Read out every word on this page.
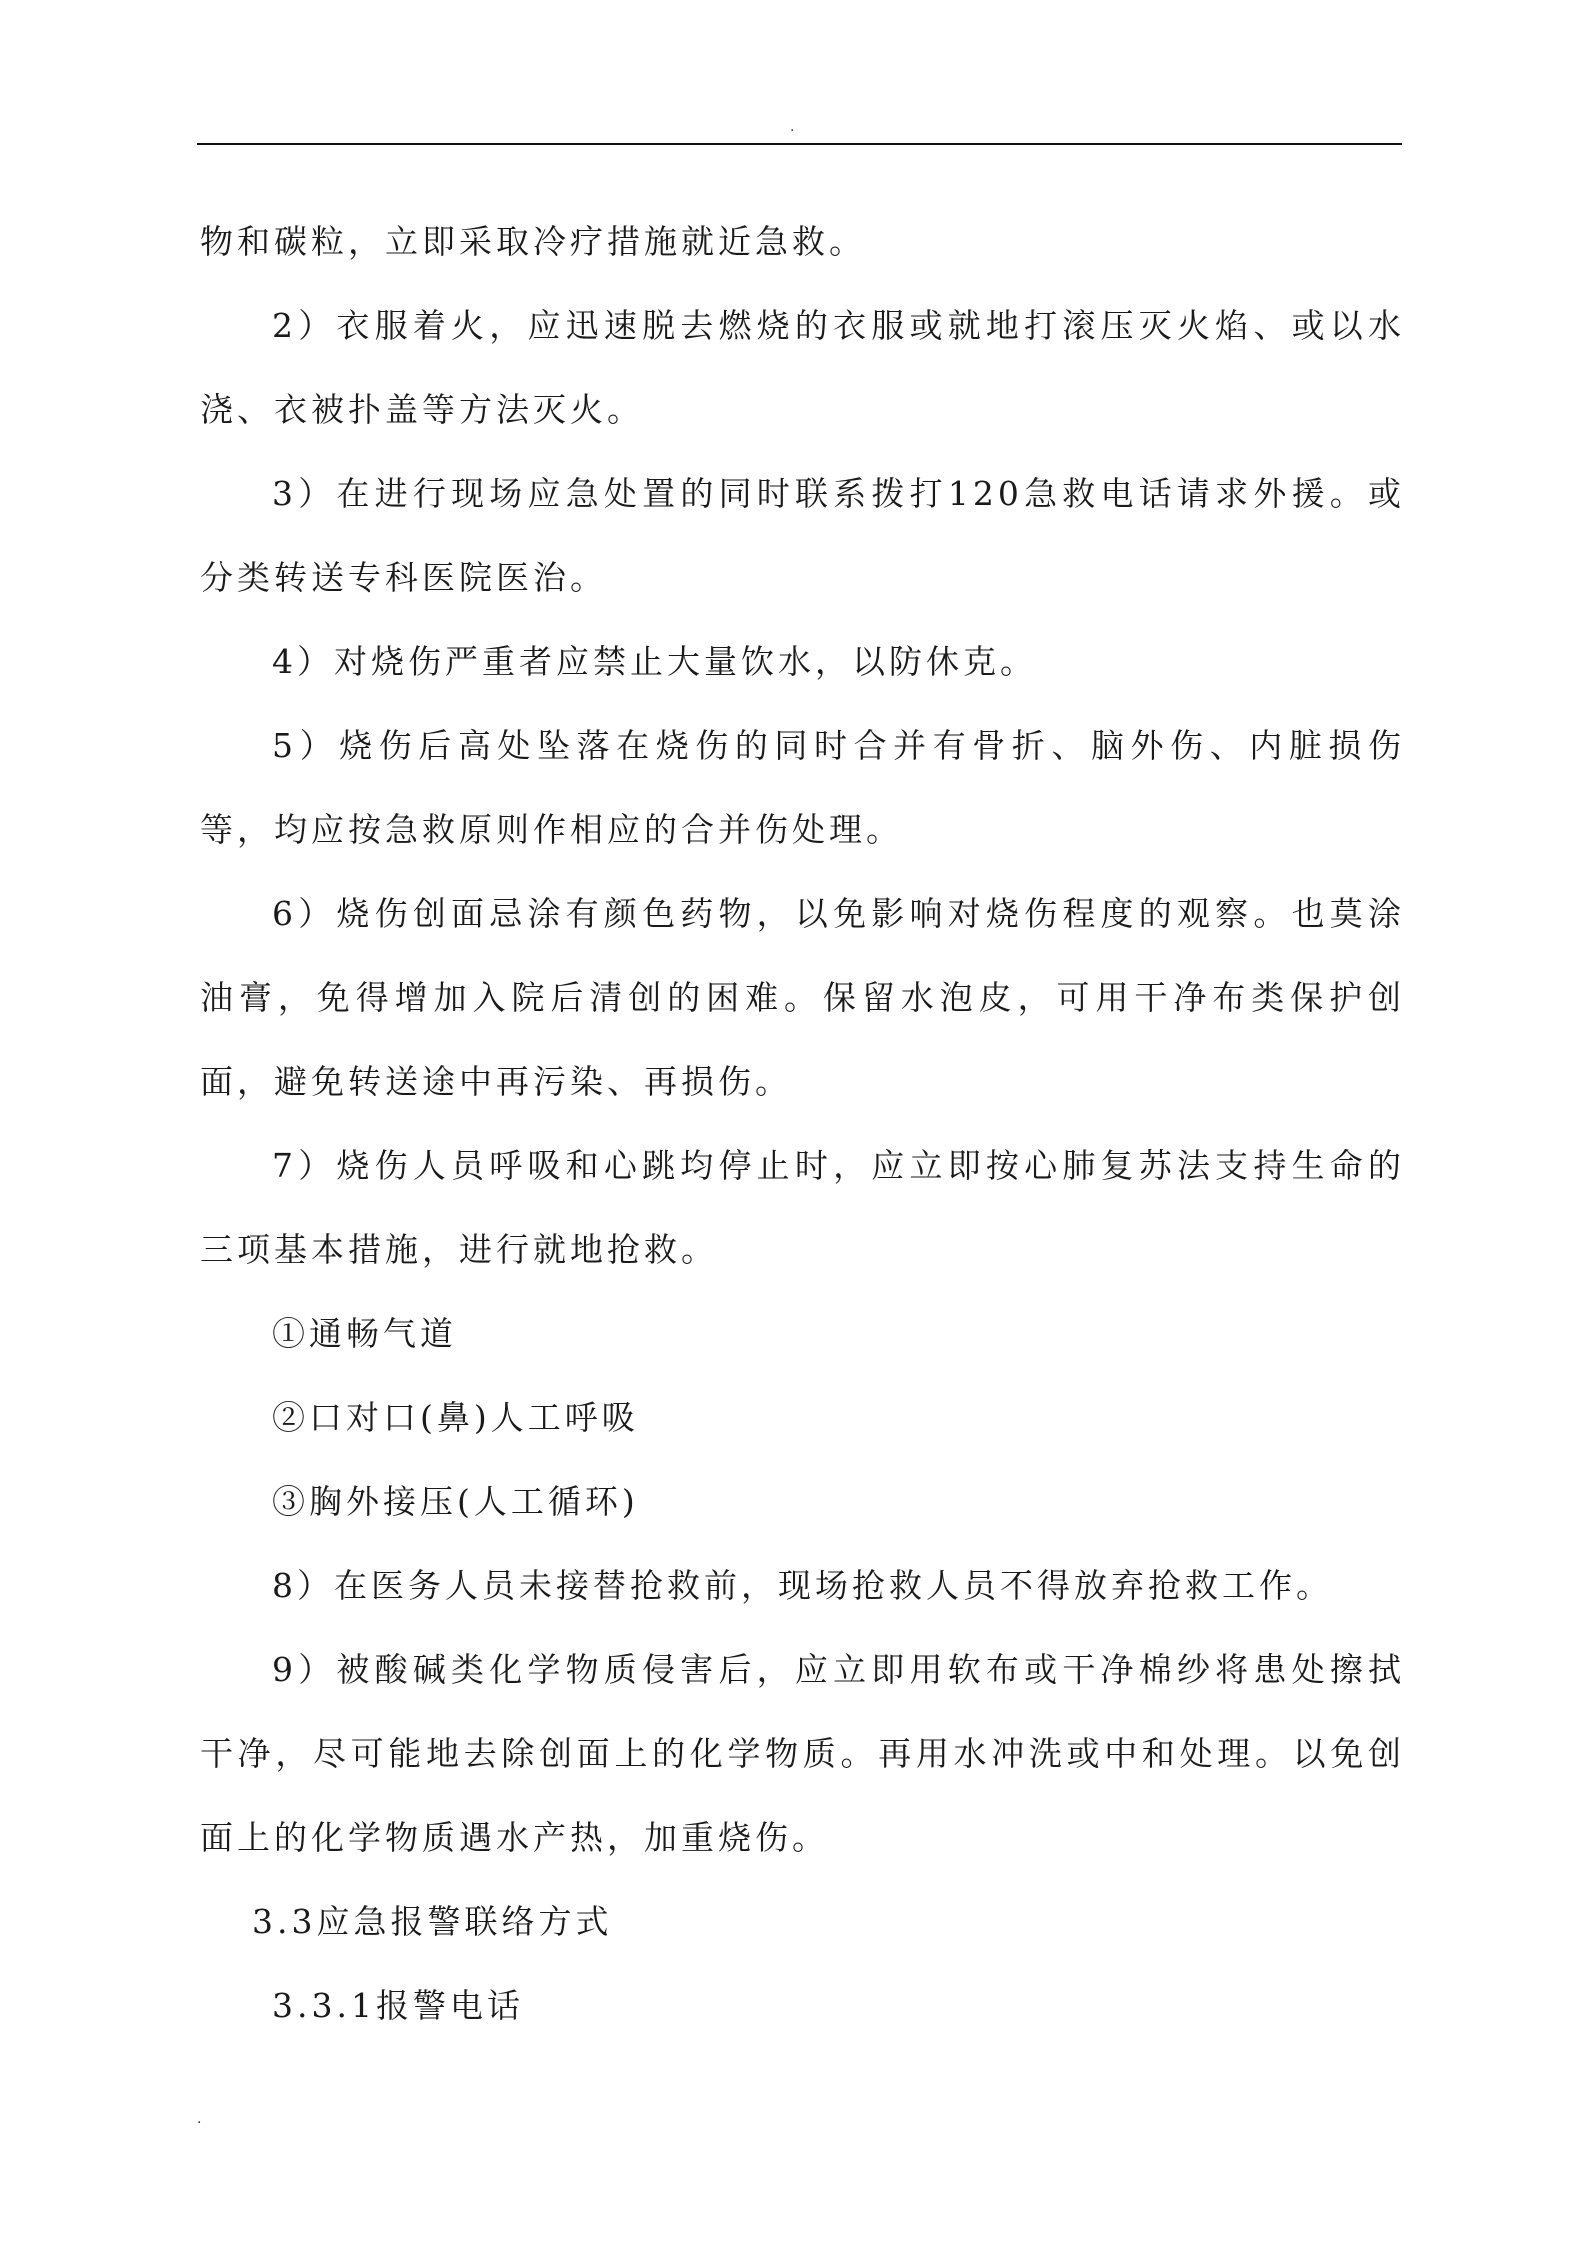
.

物和碳粒，立即采取冷疗措施就近急救。

2）衣服着火，应迅速脱去燃烧的衣服或就地打滚压灭火焰、或以水浇、衣被扑盖等方法灭火。

3）在进行现场应急处置的同时联系拨打120急救电话请求外援。或分类转送专科医院医治。

4）对烧伤严重者应禁止大量饮水，以防休克。

5）烧伤后高处坠落在烧伤的同时合并有骨折、脑外伤、内脏损伤等，均应按急救原则作相应的合并伤处理。

6）烧伤创面忌涂有颜色药物，以免影响对烧伤程度的观察。也莫涂油膏，免得增加入院后清创的困难。保留水泡皮，可用干净布类保护创面，避免转送途中再污染、再损伤。

7）烧伤人员呼吸和心跳均停止时，应立即按心肺复苏法支持生命的三项基本措施，进行就地抢救。

①通畅气道

②口对口(鼻)人工呼吸

③胸外接压(人工循环)

8）在医务人员未接替抢救前，现场抢救人员不得放弃抢救工作。

9）被酸碱类化学物质侵害后，应立即用软布或干净棉纱将患处擦拭干净，尽可能地去除创面上的化学物质。再用水冲洗或中和处理。以免创面上的化学物质遇水产热，加重烧伤。

3.3应急报警联络方式

3.3.1报警电话

.
